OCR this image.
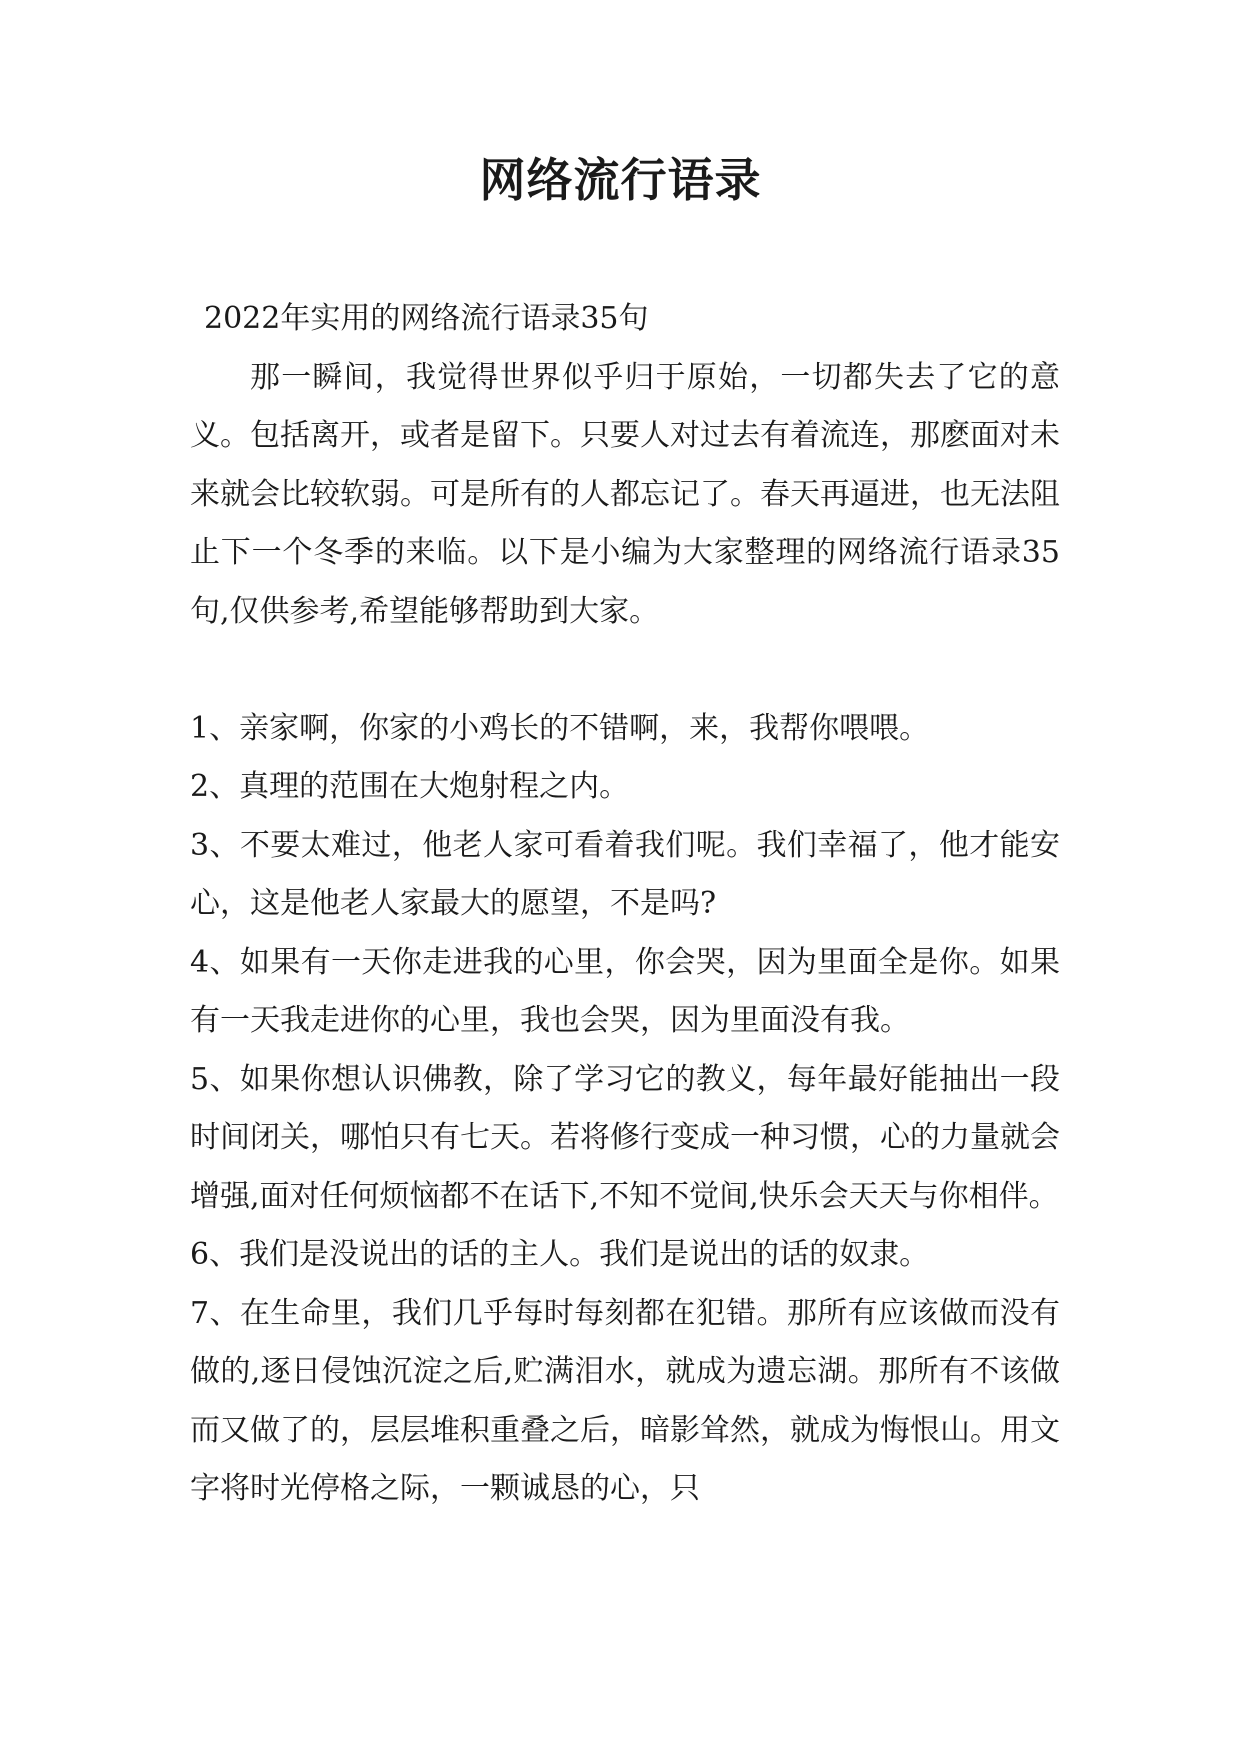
网络流行语录

2022年实用的网络流行语录35句

那一瞬间，我觉得世界似乎归于原始，一切都失去了它的意义。包括离开，或者是留下。只要人对过去有着流连，那麽面对未来就会比较软弱。可是所有的人都忘记了。春天再逼进，也无法阻止下一个冬季的来临。以下是小编为大家整理的网络流行语录35句,仅供参考,希望能够帮助到大家。

1、亲家啊，你家的小鸡长的不错啊，来，我帮你喂喂。

2、真理的范围在大炮射程之内。

3、不要太难过，他老人家可看着我们呢。我们幸福了，他才能安心，这是他老人家最大的愿望，不是吗?

4、如果有一天你走进我的心里，你会哭，因为里面全是你。如果有一天我走进你的心里，我也会哭，因为里面没有我。

5、如果你想认识佛教，除了学习它的教义，每年最好能抽出一段时间闭关，哪怕只有七天。若将修行变成一种习惯，心的力量就会增强,面对任何烦恼都不在话下,不知不觉间,快乐会天天与你相伴。

6、我们是没说出的话的主人。我们是说出的话的奴隶。

7、在生命里，我们几乎每时每刻都在犯错。那所有应该做而没有做的,逐日侵蚀沉淀之后,贮满泪水，就成为遗忘湖。那所有不该做而又做了的，层层堆积重叠之后，暗影耸然，就成为悔恨山。用文字将时光停格之际，一颗诚恳的心，只
